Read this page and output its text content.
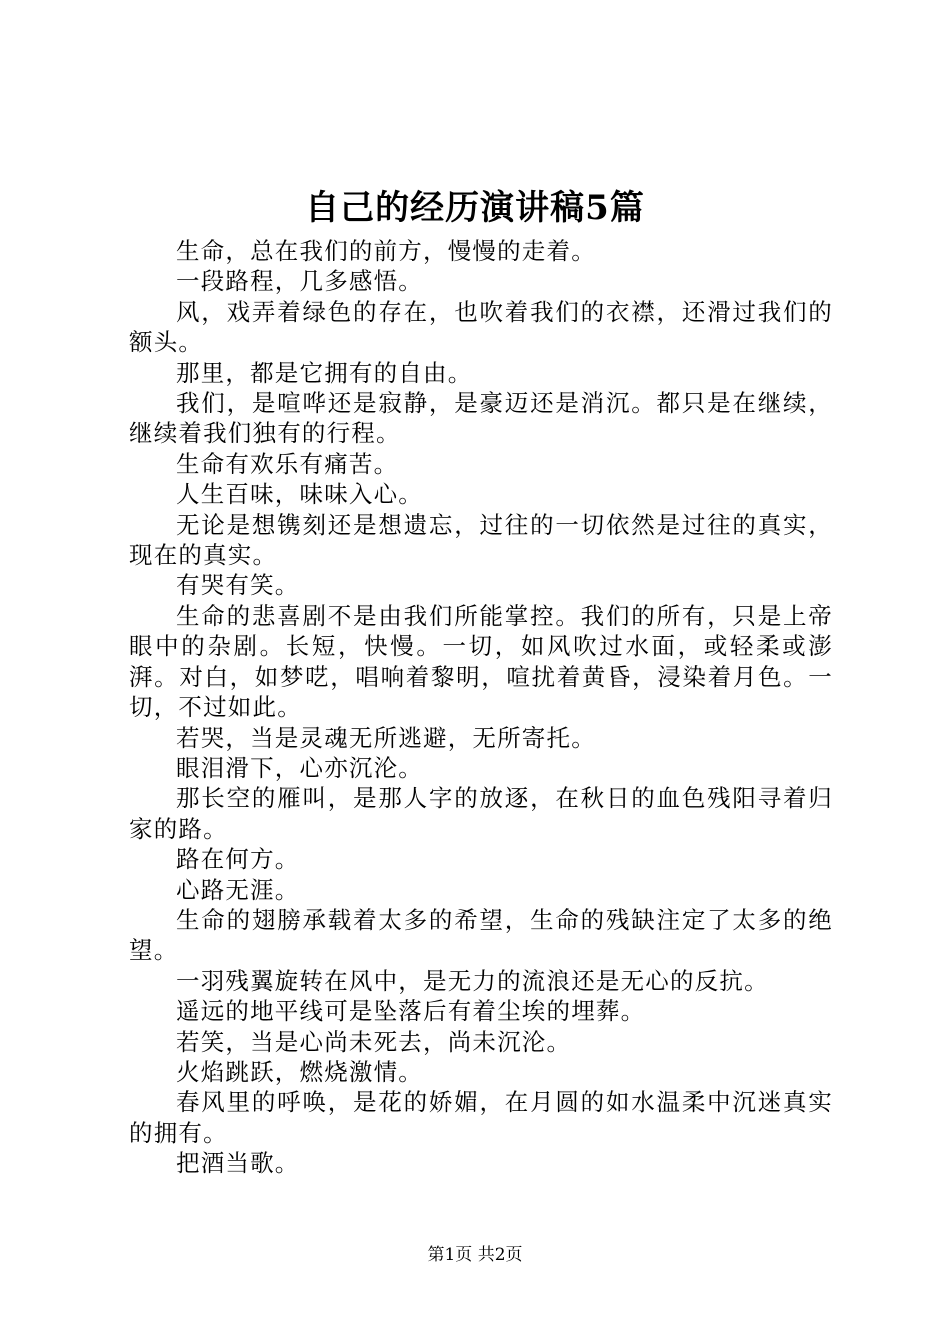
自己的经历演讲稿5篇

生命，总在我们的前方，慢慢的走着。

一段路程，几多感悟。

风，戏弄着绿色的存在，也吹着我们的衣襟，还滑过我们的额头。

那里，都是它拥有的自由。

我们，是喧哗还是寂静，是豪迈还是消沉。都只是在继续，继续着我们独有的行程。

生命有欢乐有痛苦。

人生百味，味味入心。

无论是想镌刻还是想遗忘，过往的一切依然是过往的真实，现在的真实。

有哭有笑。

生命的悲喜剧不是由我们所能掌控。我们的所有，只是上帝眼中的杂剧。长短，快慢。一切，如风吹过水面，或轻柔或澎湃。对白，如梦呓，唱响着黎明，喧扰着黄昏，浸染着月色。一切，不过如此。

若哭，当是灵魂无所逃避，无所寄托。

眼泪滑下，心亦沉沦。

那长空的雁叫，是那人字的放逐，在秋日的血色残阳寻着归家的路。

路在何方。

心路无涯。

生命的翅膀承载着太多的希望，生命的残缺注定了太多的绝望。

一羽残翼旋转在风中，是无力的流浪还是无心的反抗。

遥远的地平线可是坠落后有着尘埃的埋葬。

若笑，当是心尚未死去，尚未沉沦。

火焰跳跃，燃烧激情。

春风里的呼唤，是花的娇媚，在月圆的如水温柔中沉迷真实的拥有。

把酒当歌。

第1页 共2页
